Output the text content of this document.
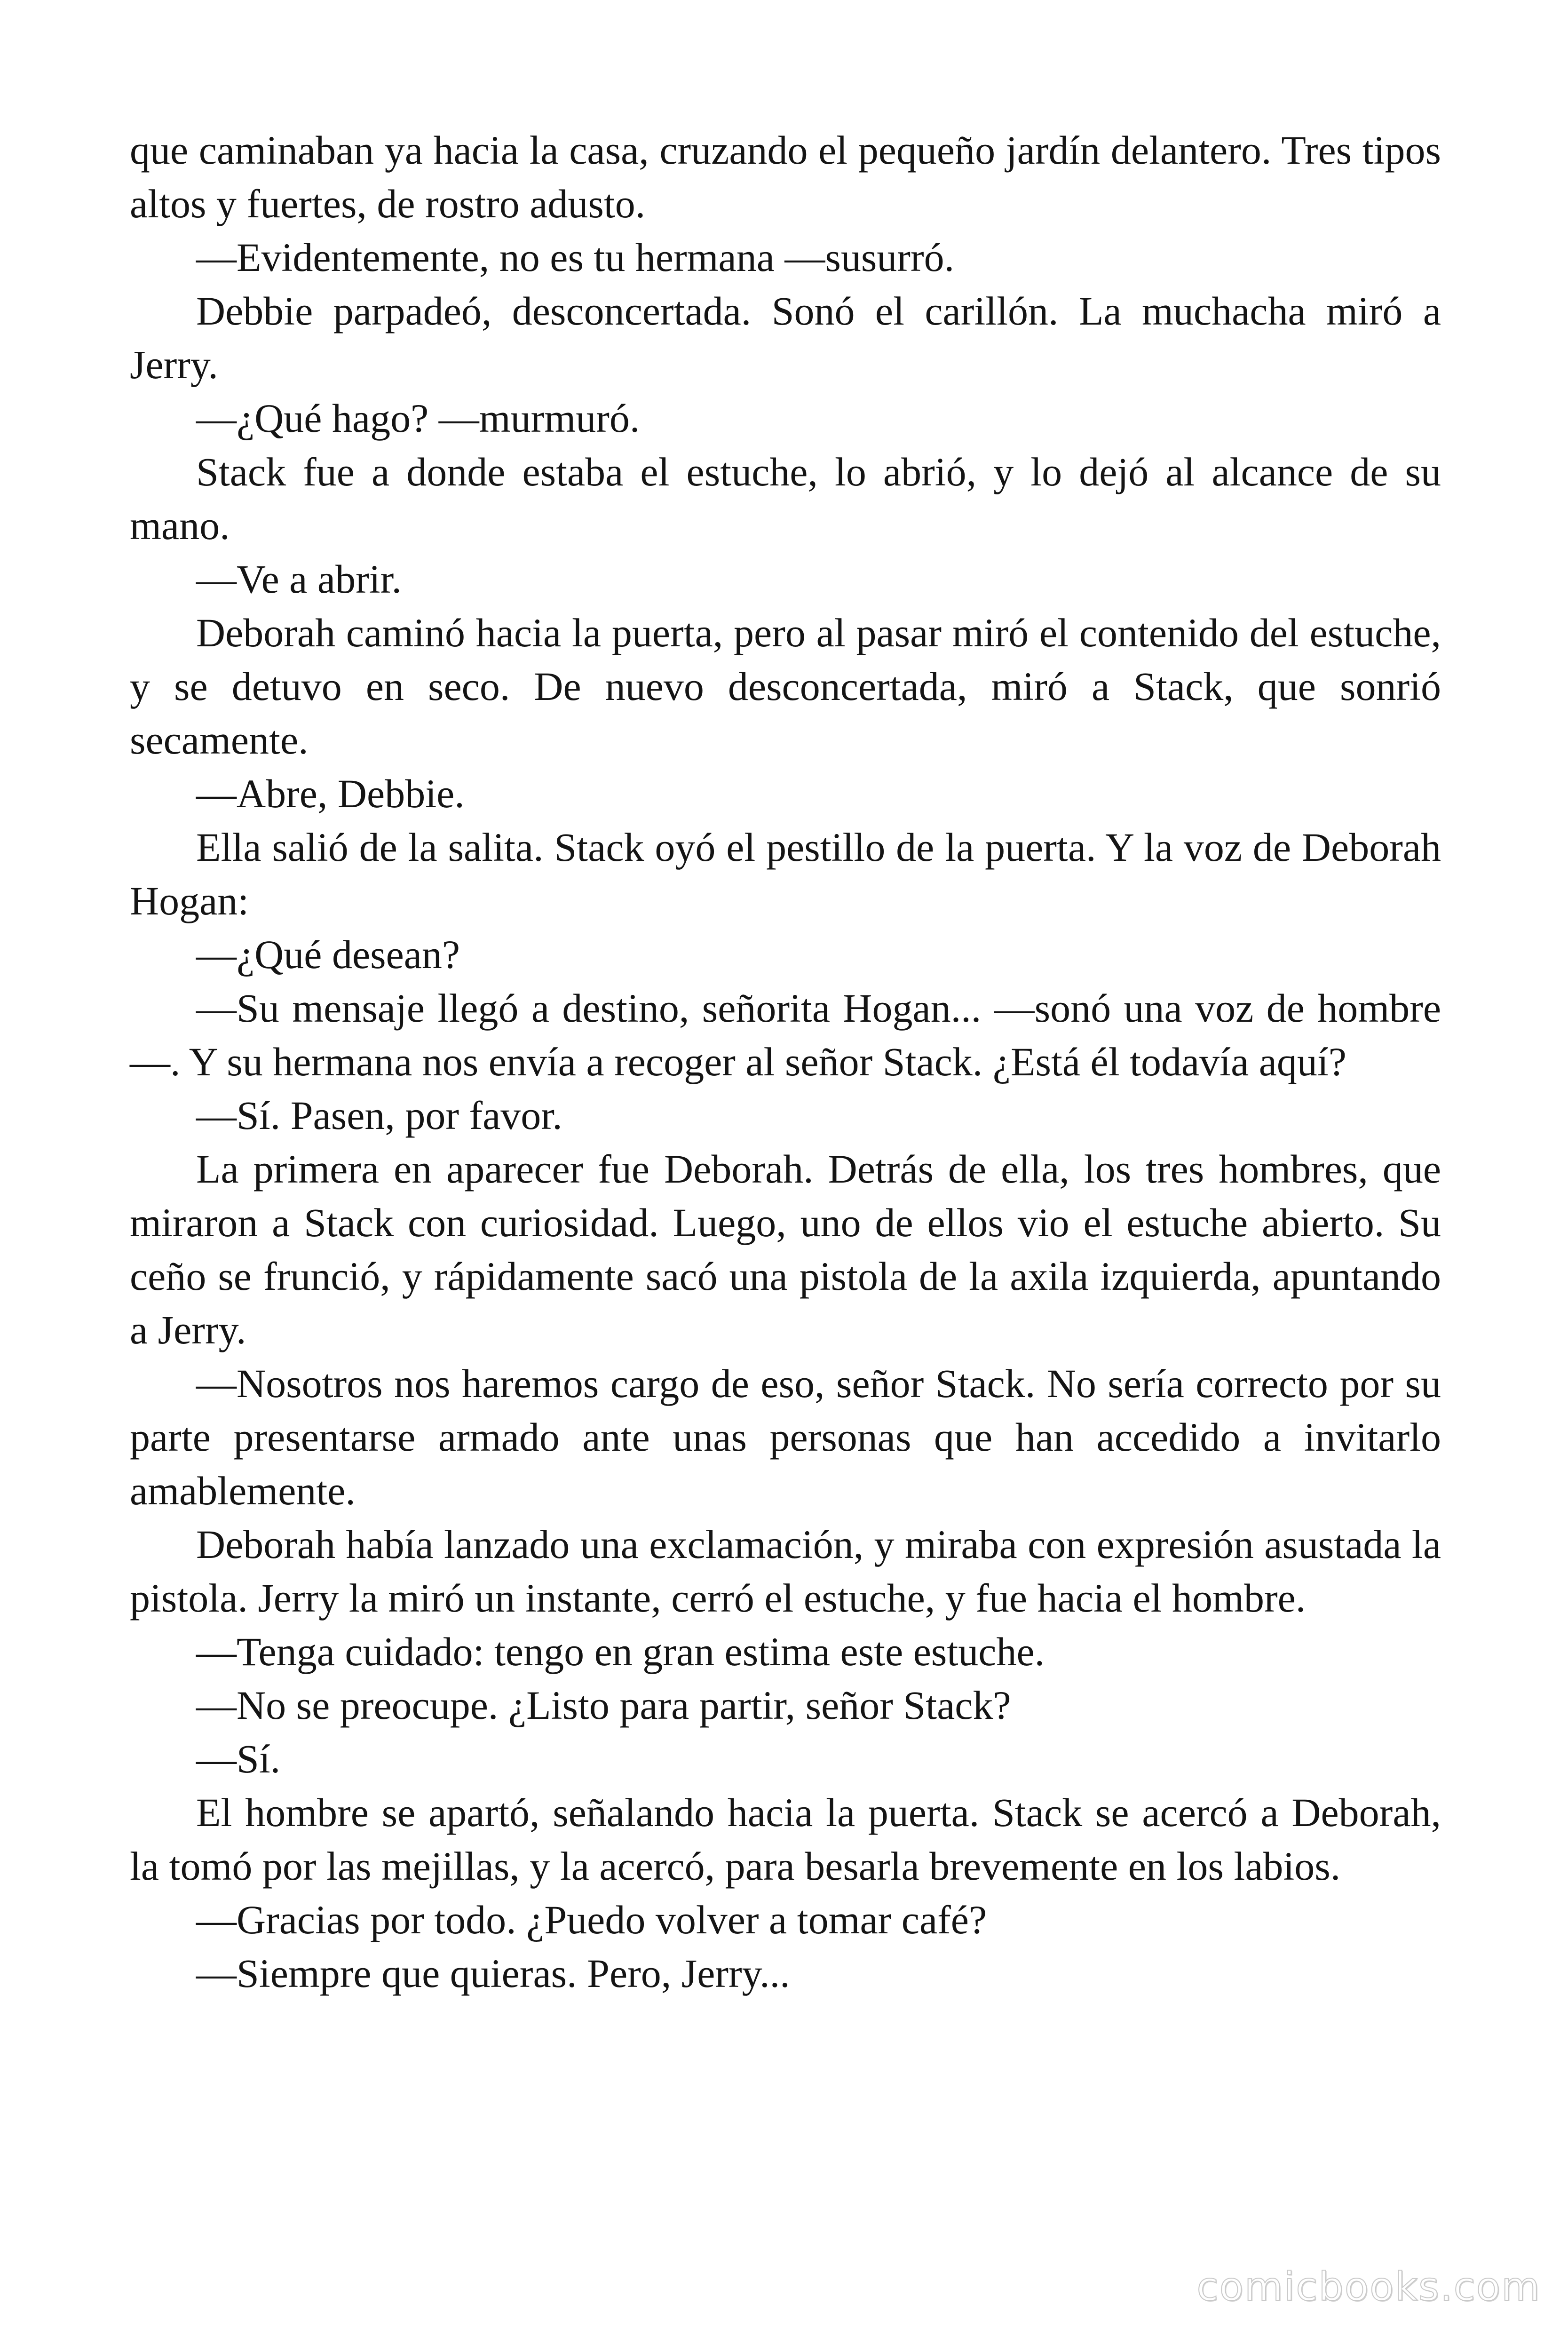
que caminaban ya hacia la casa, cruzando el pequeño jardín delantero. Tres tipos altos y fuertes, de rostro adusto.

—Evidentemente, no es tu hermana —susurró.

Debbie parpadeó, desconcertada. Sonó el carillón. La muchacha miró a Jerry.

—¿Qué hago? —murmuró.

Stack fue a donde estaba el estuche, lo abrió, y lo dejó al alcance de su mano.

—Ve a abrir.

Deborah caminó hacia la puerta, pero al pasar miró el contenido del estuche, y se detuvo en seco. De nuevo desconcertada, miró a Stack, que sonrió secamente.

—Abre, Debbie.

Ella salió de la salita. Stack oyó el pestillo de la puerta. Y la voz de Deborah Hogan:

—¿Qué desean?

—Su mensaje llegó a destino, señorita Hogan... —sonó una voz de hombre—. Y su hermana nos envía a recoger al señor Stack. ¿Está él todavía aquí?

—Sí. Pasen, por favor.

La primera en aparecer fue Deborah. Detrás de ella, los tres hombres, que miraron a Stack con curiosidad. Luego, uno de ellos vio el estuche abierto. Su ceño se frunció, y rápidamente sacó una pistola de la axila izquierda, apuntando a Jerry.

—Nosotros nos haremos cargo de eso, señor Stack. No sería correcto por su parte presentarse armado ante unas personas que han accedido a invitarlo amablemente.

Deborah había lanzado una exclamación, y miraba con expresión asustada la pistola. Jerry la miró un instante, cerró el estuche, y fue hacia el hombre.

—Tenga cuidado: tengo en gran estima este estuche.

—No se preocupe. ¿Listo para partir, señor Stack?

—Sí.

El hombre se apartó, señalando hacia la puerta. Stack se acercó a Deborah, la tomó por las mejillas, y la acercó, para besarla brevemente en los labios.

—Gracias por todo. ¿Puedo volver a tomar café?

—Siempre que quieras. Pero, Jerry...

comicbooks.com
